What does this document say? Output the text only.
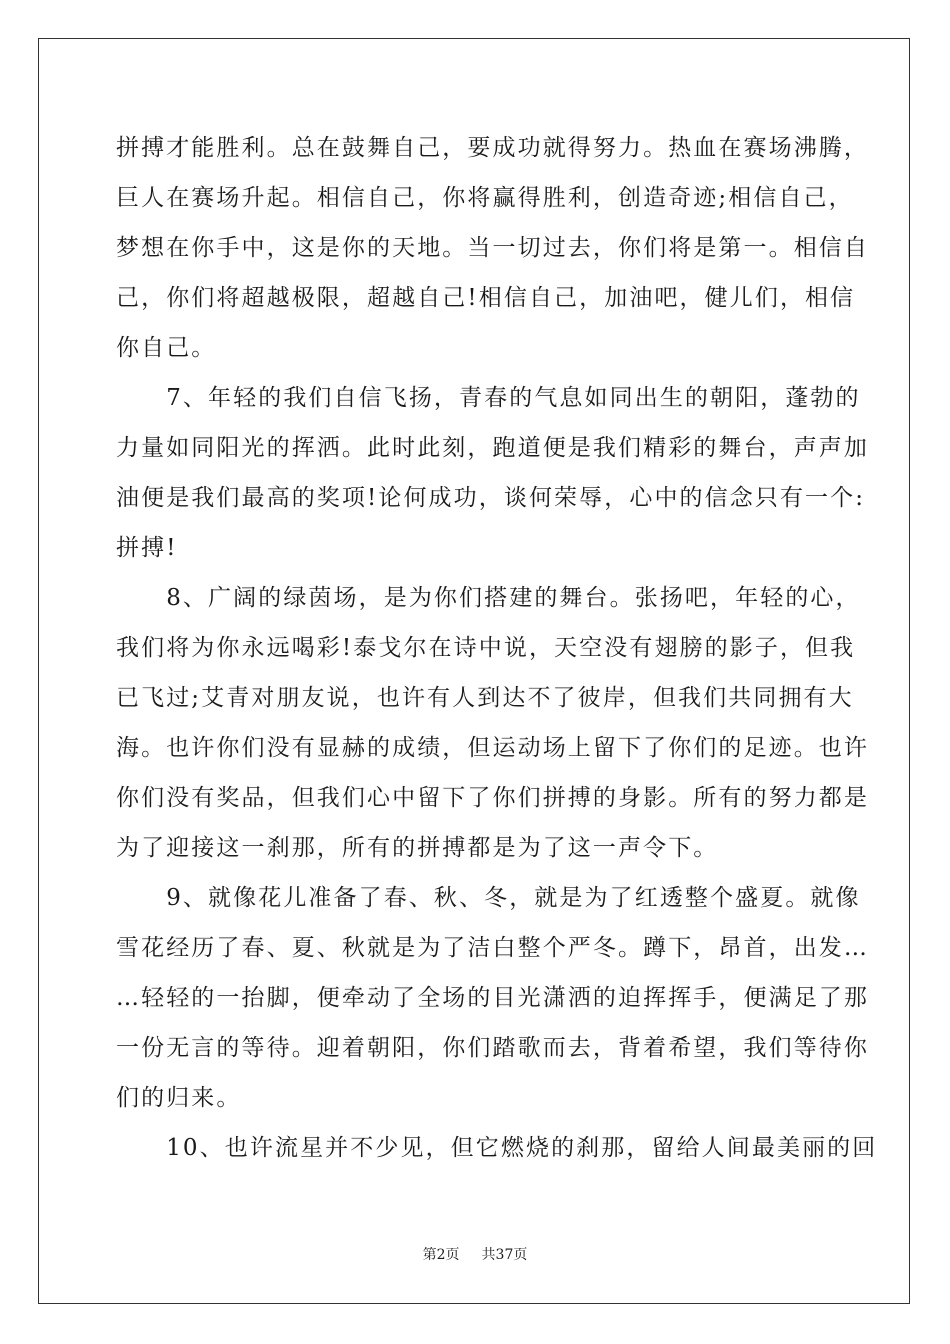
拼搏才能胜利。总在鼓舞自己，要成功就得努力。热血在赛场沸腾，
巨人在赛场升起。相信自己，你将赢得胜利，创造奇迹;相信自己，
梦想在你手中，这是你的天地。当一切过去，你们将是第一。相信自
己，你们将超越极限，超越自己!相信自己，加油吧，健儿们，相信
你自己。
　　7、年轻的我们自信飞扬，青春的气息如同出生的朝阳，蓬勃的
力量如同阳光的挥洒。此时此刻，跑道便是我们精彩的舞台，声声加
油便是我们最高的奖项!论何成功，谈何荣辱，心中的信念只有一个:
拼搏!
　　8、广阔的绿茵场，是为你们搭建的舞台。张扬吧，年轻的心，
我们将为你永远喝彩!泰戈尔在诗中说，天空没有翅膀的影子，但我
已飞过;艾青对朋友说，也许有人到达不了彼岸，但我们共同拥有大
海。也许你们没有显赫的成绩，但运动场上留下了你们的足迹。也许
你们没有奖品，但我们心中留下了你们拼搏的身影。所有的努力都是
为了迎接这一刹那，所有的拼搏都是为了这一声令下。
　　9、就像花儿准备了春、秋、冬，就是为了红透整个盛夏。就像
雪花经历了春、夏、秋就是为了洁白整个严冬。蹲下，昂首，出发…
…轻轻的一抬脚，便牵动了全场的目光潇洒的迫挥挥手，便满足了那
一份无言的等待。迎着朝阳，你们踏歌而去，背着希望，我们等待你
们的归来。
　　10、也许流星并不少见，但它燃烧的刹那，留给人间最美丽的回
第2页 共37页
